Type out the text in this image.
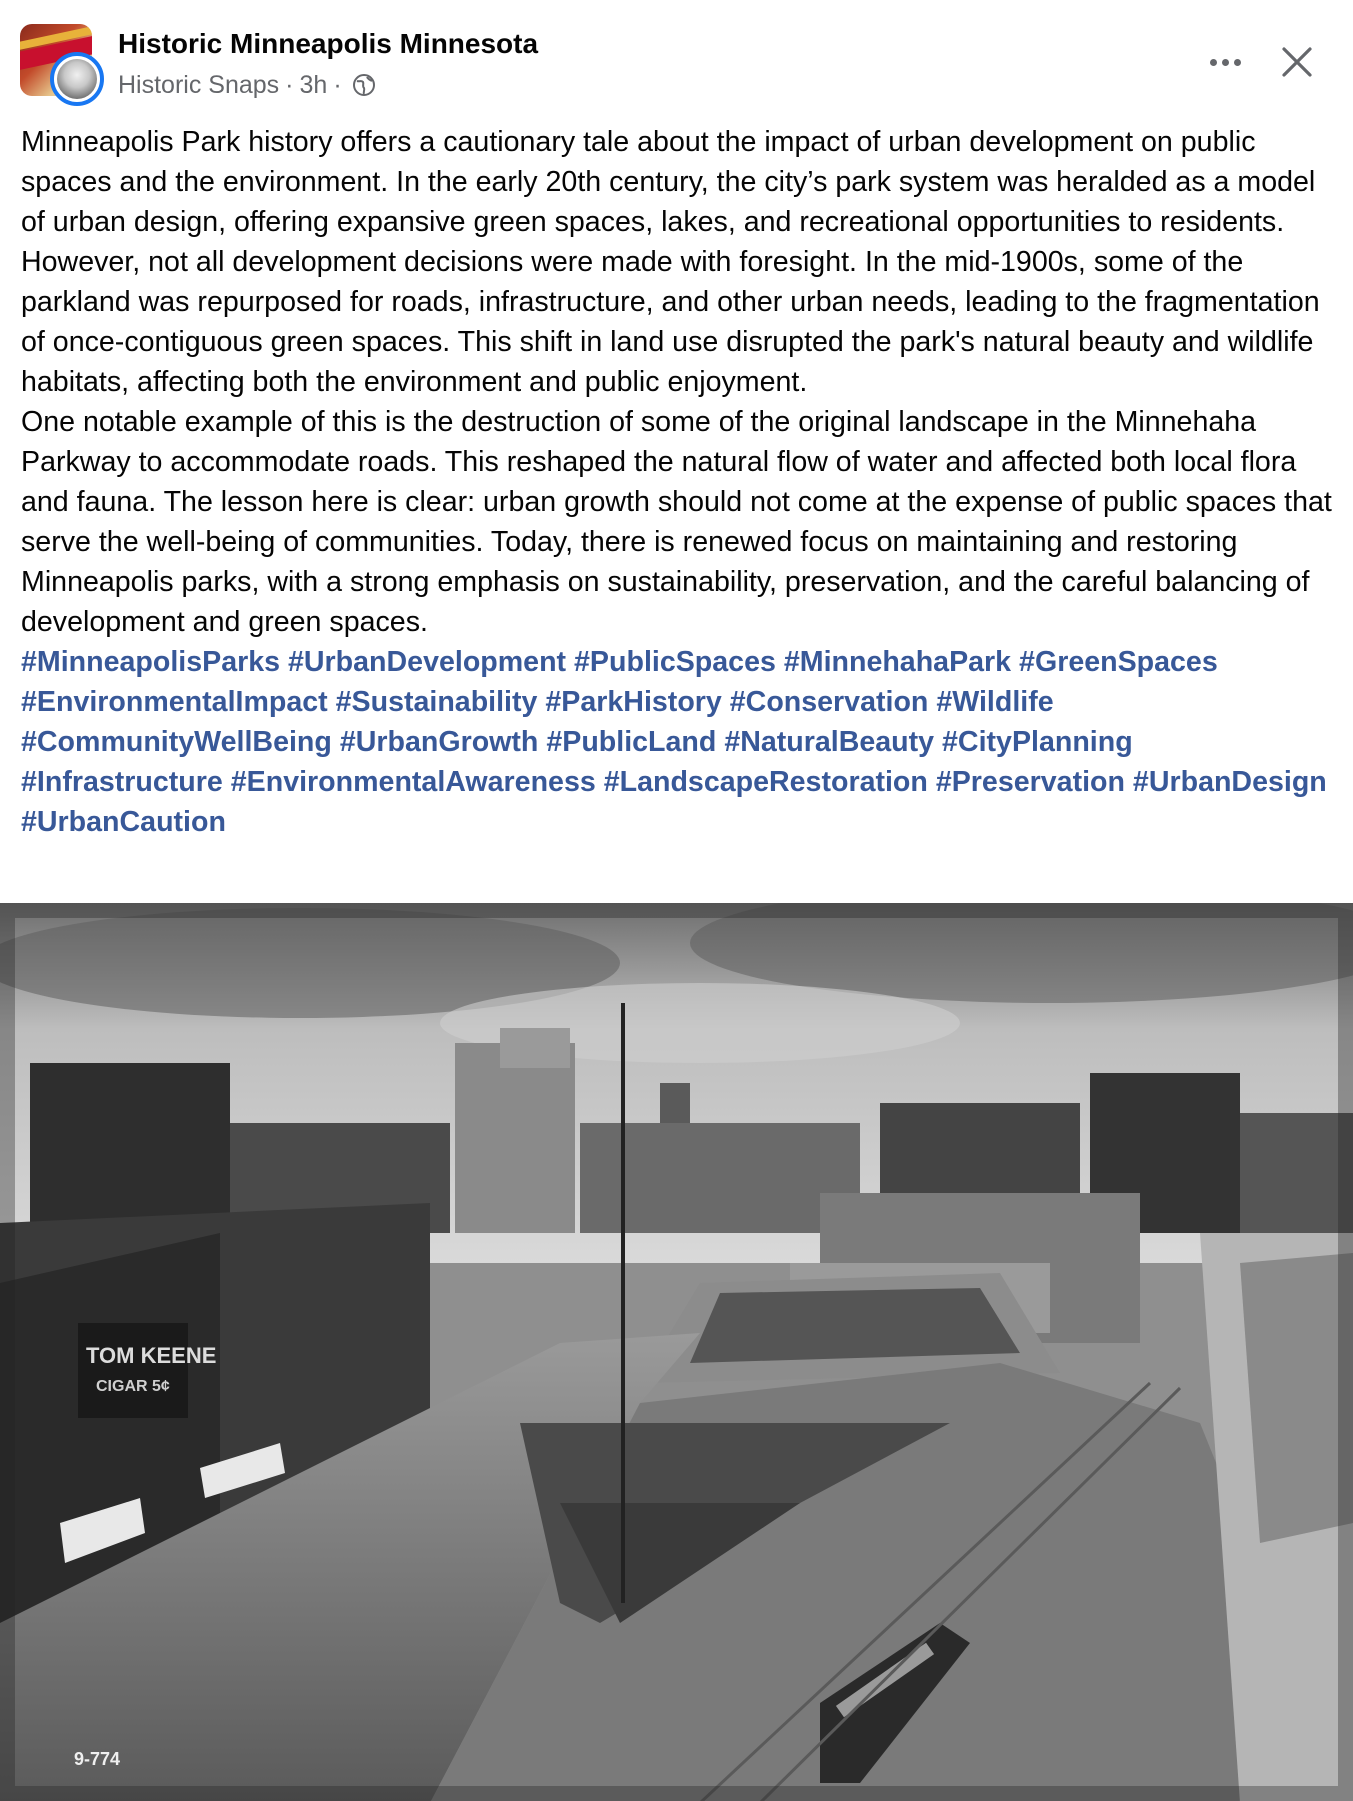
Historic Minneapolis Minnesota
Historic Snaps · 3h ·

Minneapolis Park history offers a cautionary tale about the impact of urban development on public spaces and the environment. In the early 20th century, the city’s park system was heralded as a model of urban design, offering expansive green spaces, lakes, and recreational opportunities to residents. However, not all development decisions were made with foresight. In the mid-1900s, some of the parkland was repurposed for roads, infrastructure, and other urban needs, leading to the fragmentation of once-contiguous green spaces. This shift in land use disrupted the park's natural beauty and wildlife habitats, affecting both the environment and public enjoyment.

One notable example of this is the destruction of some of the original landscape in the Minnehaha Parkway to accommodate roads. This reshaped the natural flow of water and affected both local flora and fauna. The lesson here is clear: urban growth should not come at the expense of public spaces that serve the well-being of communities. Today, there is renewed focus on maintaining and restoring Minneapolis parks, with a strong emphasis on sustainability, preservation, and the careful balancing of development and green spaces.

#MinneapolisParks #UrbanDevelopment #PublicSpaces #MinnehahaPark #GreenSpaces #EnvironmentalImpact #Sustainability #ParkHistory #Conservation #Wildlife #CommunityWellBeing #UrbanGrowth #PublicLand #NaturalBeauty #CityPlanning #Infrastructure #EnvironmentalAwareness #LandscapeRestoration #Preservation #UrbanDesign #UrbanCaution

TOM KEENE
CIGAR 5¢
9-774
